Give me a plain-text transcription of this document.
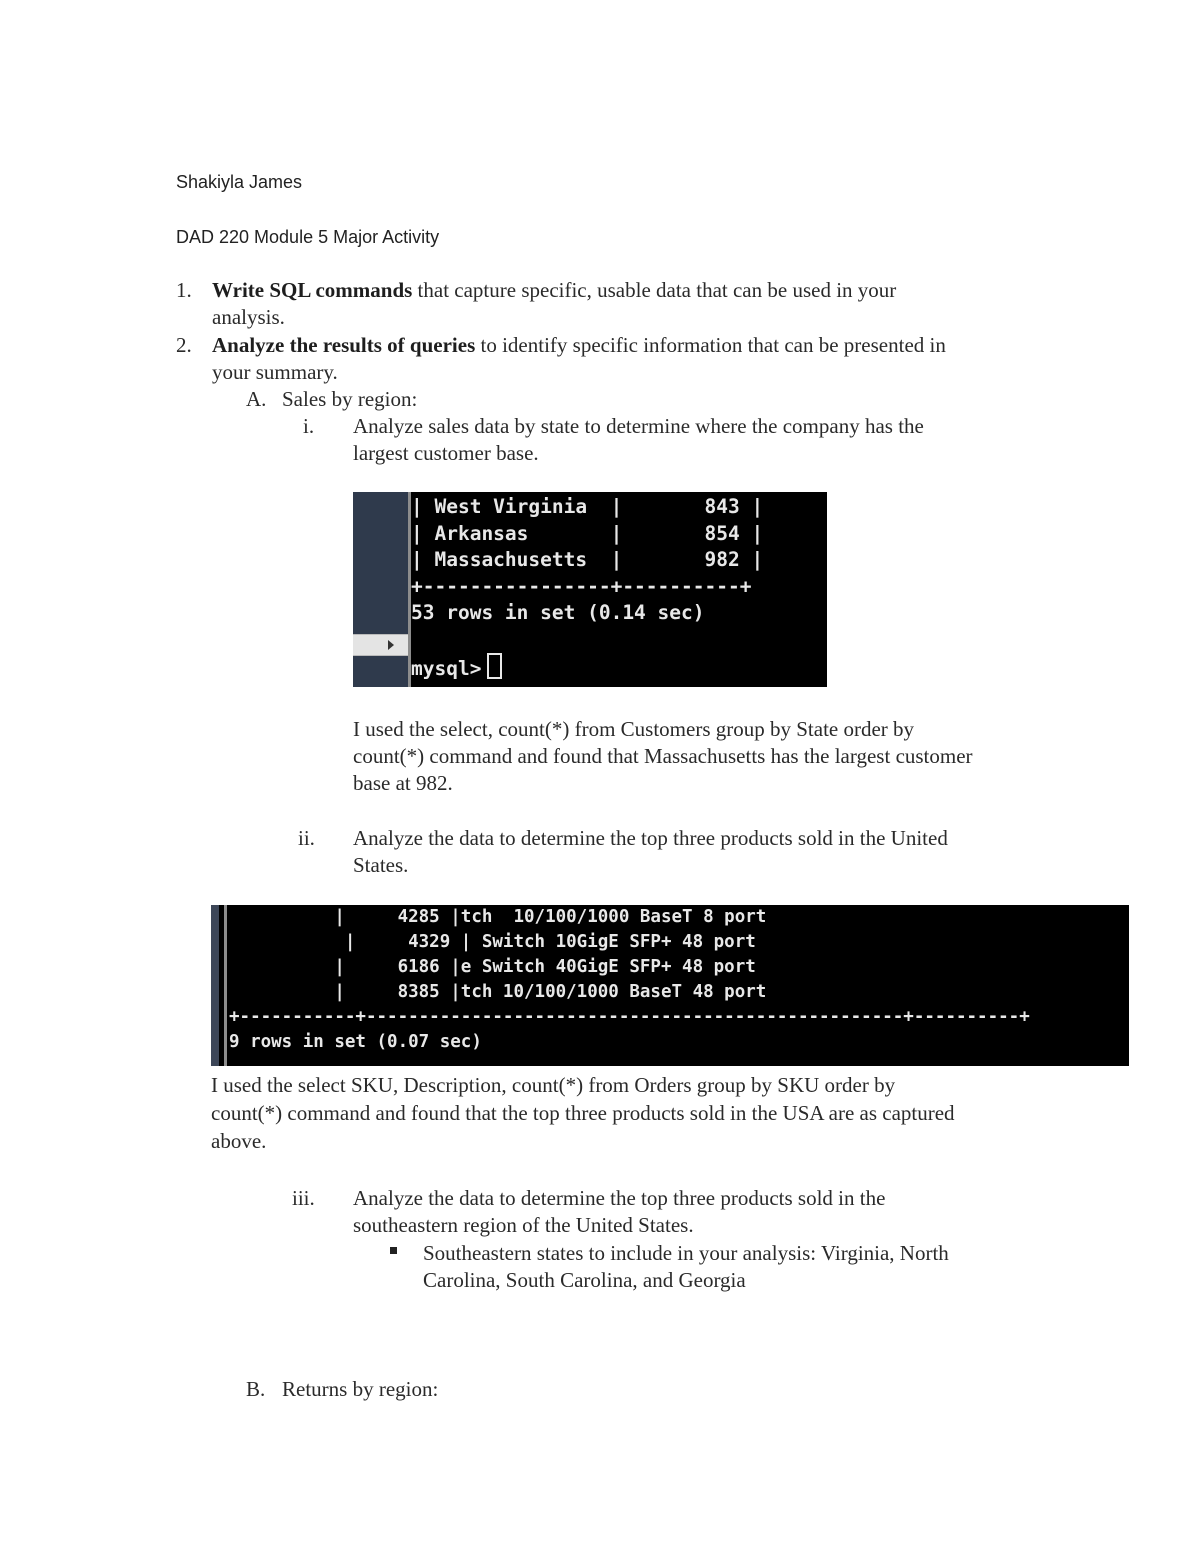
Shakiyla James
DAD 220 Module 5 Major Activity
1. Write SQL commands that capture specific, usable data that can be used in your
analysis.
2. Analyze the results of queries to identify specific information that can be presented in
your summary.
A. Sales by region:
i. Analyze sales data by state to determine where the company has the
largest customer base.
| West Virginia  |       843 |
| Arkansas       |       854 |
| Massachusetts  |       982 |
+----------------+----------+
53 rows in set (0.14 sec)

mysql>
I used the select, count(*) from Customers group by State order by
count(*) command and found that Massachusetts has the largest customer
base at 982.
ii. Analyze the data to determine the top three products sold in the United
States.
|     4285 |tch  10/100/1000 BaseT 8 port
|     4329 | Switch 10GigE SFP+ 48 port
|     6186 |e Switch 40GigE SFP+ 48 port
|     8385 |tch 10/100/1000 BaseT 48 port
+-----------+---------------------------------------------------+----------+
9 rows in set (0.07 sec)
I used the select SKU, Description, count(*) from Orders group by SKU order by
count(*) command and found that the top three products sold in the USA are as captured
above.
iii. Analyze the data to determine the top three products sold in the
southeastern region of the United States.
Southeastern states to include in your analysis: Virginia, North
Carolina, South Carolina, and Georgia
B. Returns by region:
